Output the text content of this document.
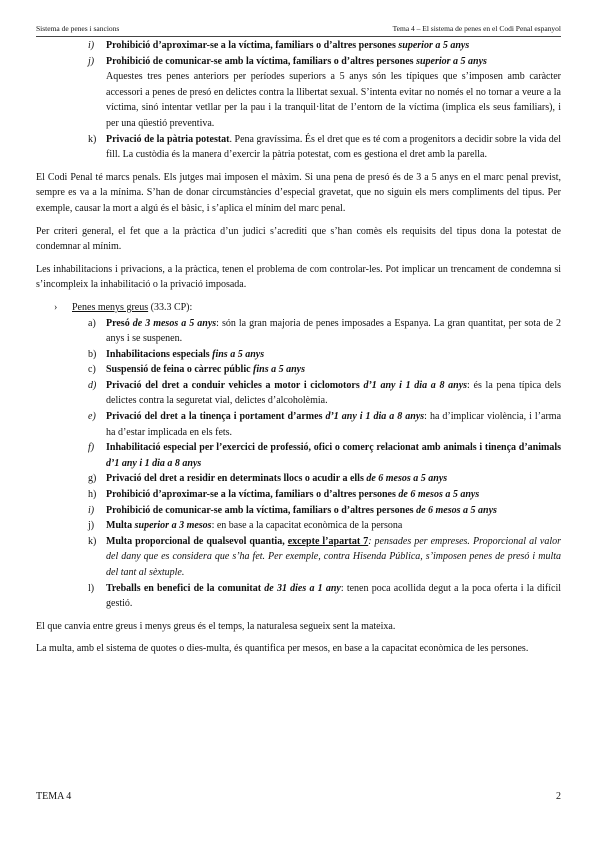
Sistema de penes i sancions	Tema 4 – El sistema de penes en el Codi Penal espanyol
i) Prohibició d’aproximar-se a la víctima, familiars o d’altres persones superior a 5 anys
j) Prohibició de comunicar-se amb la víctima, familiars o d’altres persones superior a 5 anys
Aquestes tres penes anteriors per períodes superiors a 5 anys són les típiques que s’imposen amb caràcter accessori a penes de presó en delictes contra la llibertat sexual. S’intenta evitar no només el no tornar a veure a la víctima, sinó intentar vetllar per la pau i la tranquil·litat de l’entorn de la víctima (implica els seus familiars), i per una qüestió preventiva.
k) Privació de la pàtria potestat. Pena gravíssima. És el dret que es té com a progenitors a decidir sobre la vida del fill. La custòdia és la manera d’exercir la pàtria potestat, com es gestiona el dret amb la parella.

El Codi Penal té marcs penals. Els jutges mai imposen el màxim. Si una pena de presó és de 3 a 5 anys en el marc penal previst, sempre es va a la mínima. S’han de donar circumstàncies d’especial gravetat, que no siguin els mers compliments del tipus. Per exemple, causar la mort a algú és el bàsic, i s’aplica el mínim del marc penal.

Per criteri general, el fet que a la pràctica d’un judici s’acrediti que s’han comès els requisits del tipus dona la potestat de condemnar al mínim.

Les inhabilitacions i privacions, a la pràctica, tenen el problema de com controlar-les. Pot implicar un trencament de condemna si s’incompleix la inhabilitació o la privació imposada.

› Penes menys greus (33.3 CP):
a) Presó de 3 mesos a 5 anys: són la gran majoria de penes imposades a Espanya. La gran quantitat, per sota de 2 anys i se suspenen.
b) Inhabilitacions especials fins a 5 anys
c) Suspensió de feina o càrrec públic fins a 5 anys
d) Privació del dret a conduir vehicles a motor i ciclomotors d’1 any i 1 dia a 8 anys: és la pena típica dels delictes contra la seguretat vial, delictes d’alcoholèmia.
e) Privació del dret a la tinença i portament d’armes d’1 any i 1 dia a 8 anys: ha d’implicar violència, i l’arma ha d’estar implicada en els fets.
f) Inhabilitació especial per l’exercici de professió, ofici o comerç relacionat amb animals i tinença d’animals d’1 any i 1 dia a 8 anys
g) Privació del dret a residir en determinats llocs o acudir a ells de 6 mesos a 5 anys
h) Prohibició d’aproximar-se a la víctima, familiars o d’altres persones de 6 mesos a 5 anys
i) Prohibició de comunicar-se amb la víctima, familiars o d’altres persones de 6 mesos a 5 anys
j) Multa superior a 3 mesos: en base a la capacitat econòmica de la persona
k) Multa proporcional de qualsevol quantia, excepte l’apartat 7: pensades per empreses. Proporcional al valor del dany que es considera que s’ha fet. Per exemple, contra Hisenda Pública, s’imposen penes de presó i multa del tant al sèxtuple.
l) Treballs en benefici de la comunitat de 31 dies a 1 any: tenen poca acollida degut a la poca oferta i la difícil gestió.

El que canvia entre greus i menys greus és el temps, la naturalesa segueix sent la mateixa.

La multa, amb el sistema de quotes o dies-multa, és quantifica per mesos, en base a la capacitat econòmica de les persones.

TEMA 4	2
